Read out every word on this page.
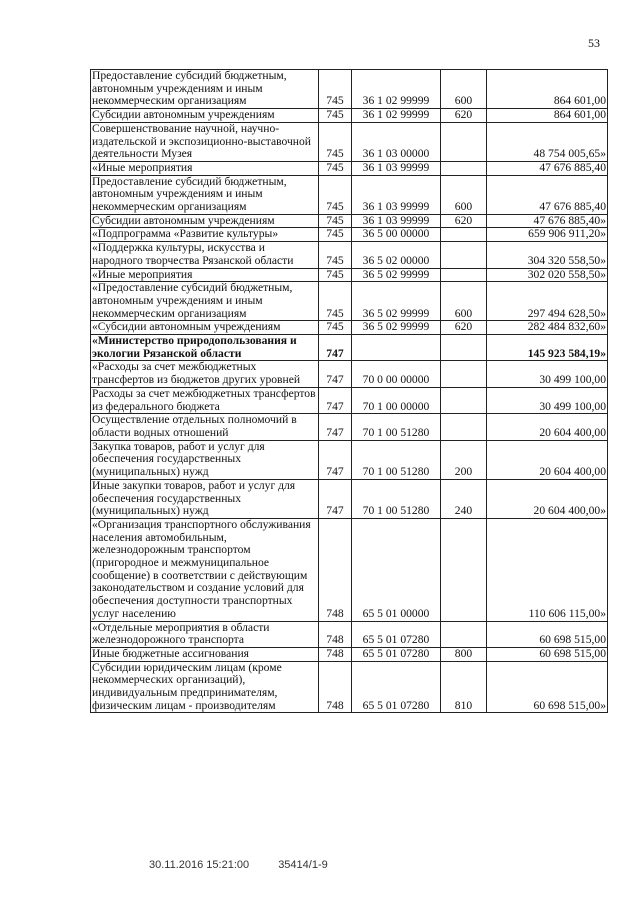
53
Предоставление субсидий бюджетным, автономным учреждениям и иным некоммерческим организациям	745	36 1 02 99999	600	864 601,00
Субсидии автономным учреждениям	745	36 1 02 99999	620	864 601,00
Совершенствование научной, научно-издательской и экспозиционно-выставочной деятельности Музея	745	36 1 03 00000		48 754 005,65»
«Иные мероприятия	745	36 1 03 99999		47 676 885,40
Предоставление субсидий бюджетным, автономным учреждениям и иным некоммерческим организациям	745	36 1 03 99999	600	47 676 885,40
Субсидии автономным учреждениям	745	36 1 03 99999	620	47 676 885,40»
«Подпрограмма «Развитие культуры»	745	36 5 00 00000		659 906 911,20»
«Поддержка культуры, искусства и народного творчества Рязанской области	745	36 5 02 00000		304 320 558,50»
«Иные мероприятия	745	36 5 02 99999		302 020 558,50»
«Предоставление субсидий бюджетным, автономным учреждениям и иным некоммерческим организациям	745	36 5 02 99999	600	297 494 628,50»
«Субсидии автономным учреждениям	745	36 5 02 99999	620	282 484 832,60»
«Министерство природопользования и экологии Рязанской области	747			145 923 584,19»
«Расходы за счет межбюджетных трансфертов из бюджетов других уровней	747	70 0 00 00000		30 499 100,00
Расходы за счет межбюджетных трансфертов из федерального бюджета	747	70 1 00 00000		30 499 100,00
Осуществление отдельных полномочий в области водных отношений	747	70 1 00 51280		20 604 400,00
Закупка товаров, работ и услуг для обеспечения государственных (муниципальных) нужд	747	70 1 00 51280	200	20 604 400,00
Иные закупки товаров, работ и услуг для обеспечения государственных (муниципальных) нужд	747	70 1 00 51280	240	20 604 400,00»
«Организация транспортного обслуживания населения автомобильным, железнодорожным транспортом (пригородное и межмуниципальное сообщение) в соответствии с действующим законодательством и создание условий для обеспечения доступности транспортных услуг населению	748	65 5 01 00000		110 606 115,00»
«Отдельные мероприятия в области железнодорожного транспорта	748	65 5 01 07280		60 698 515,00
Иные бюджетные ассигнования	748	65 5 01 07280	800	60 698 515,00
Субсидии юридическим лицам (кроме некоммерческих организаций), индивидуальным предпринимателям, физическим лицам - производителям	748	65 5 01 07280	810	60 698 515,00»
30.11.2016 15:21:00	35414/1-9
